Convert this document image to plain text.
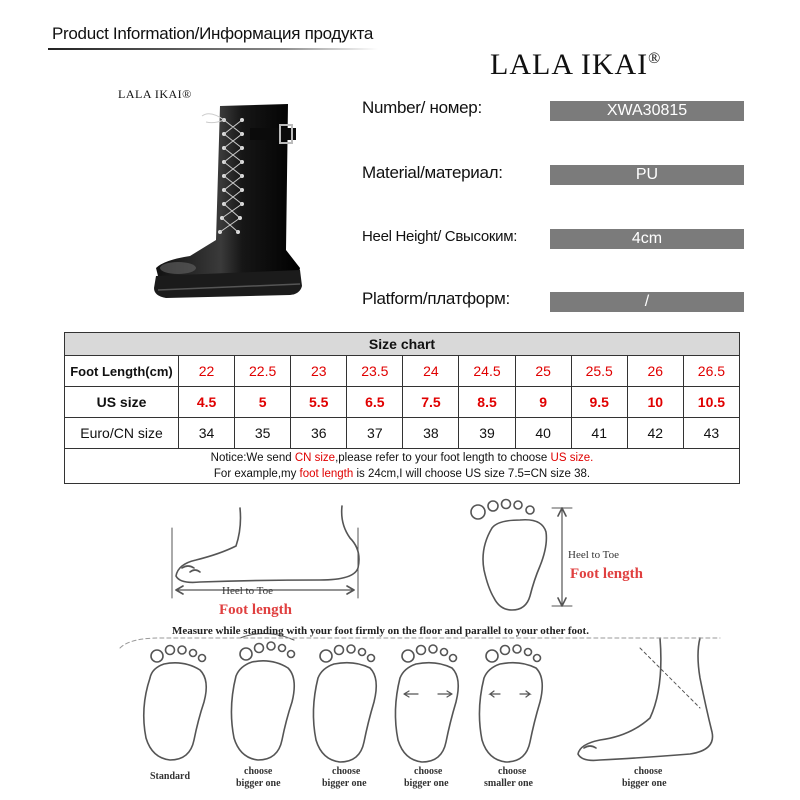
Product Information/Информация продукта
LALA IKAI®
LALA IKAI®
Number/ номер:	XWA30815
Material/материал:	PU
Heel Height/ Свысоким:	4cm
Platform/платформ:	/
Size chart										
Foot Length(cm)	22	22.5	23	23.5	24	24.5	25	25.5	26	26.5
US size	4.5	5	5.5	6.5	7.5	8.5	9	9.5	10	10.5
Euro/CN size	34	35	36	37	38	39	40	41	42	43

Notice:We send CN size,please refer to your foot length to choose US size.
For example,my foot length is 24cm,I will choose US size 7.5=CN size 38.										
Heel to Toe
Foot length
Heel to Toe
Foot length
Measure while standing with your foot firmly on the floor and parallel to your other foot.
Standard	choose
bigger one
choose
bigger one
choose
bigger one
choose
smaller one
choose
bigger one
